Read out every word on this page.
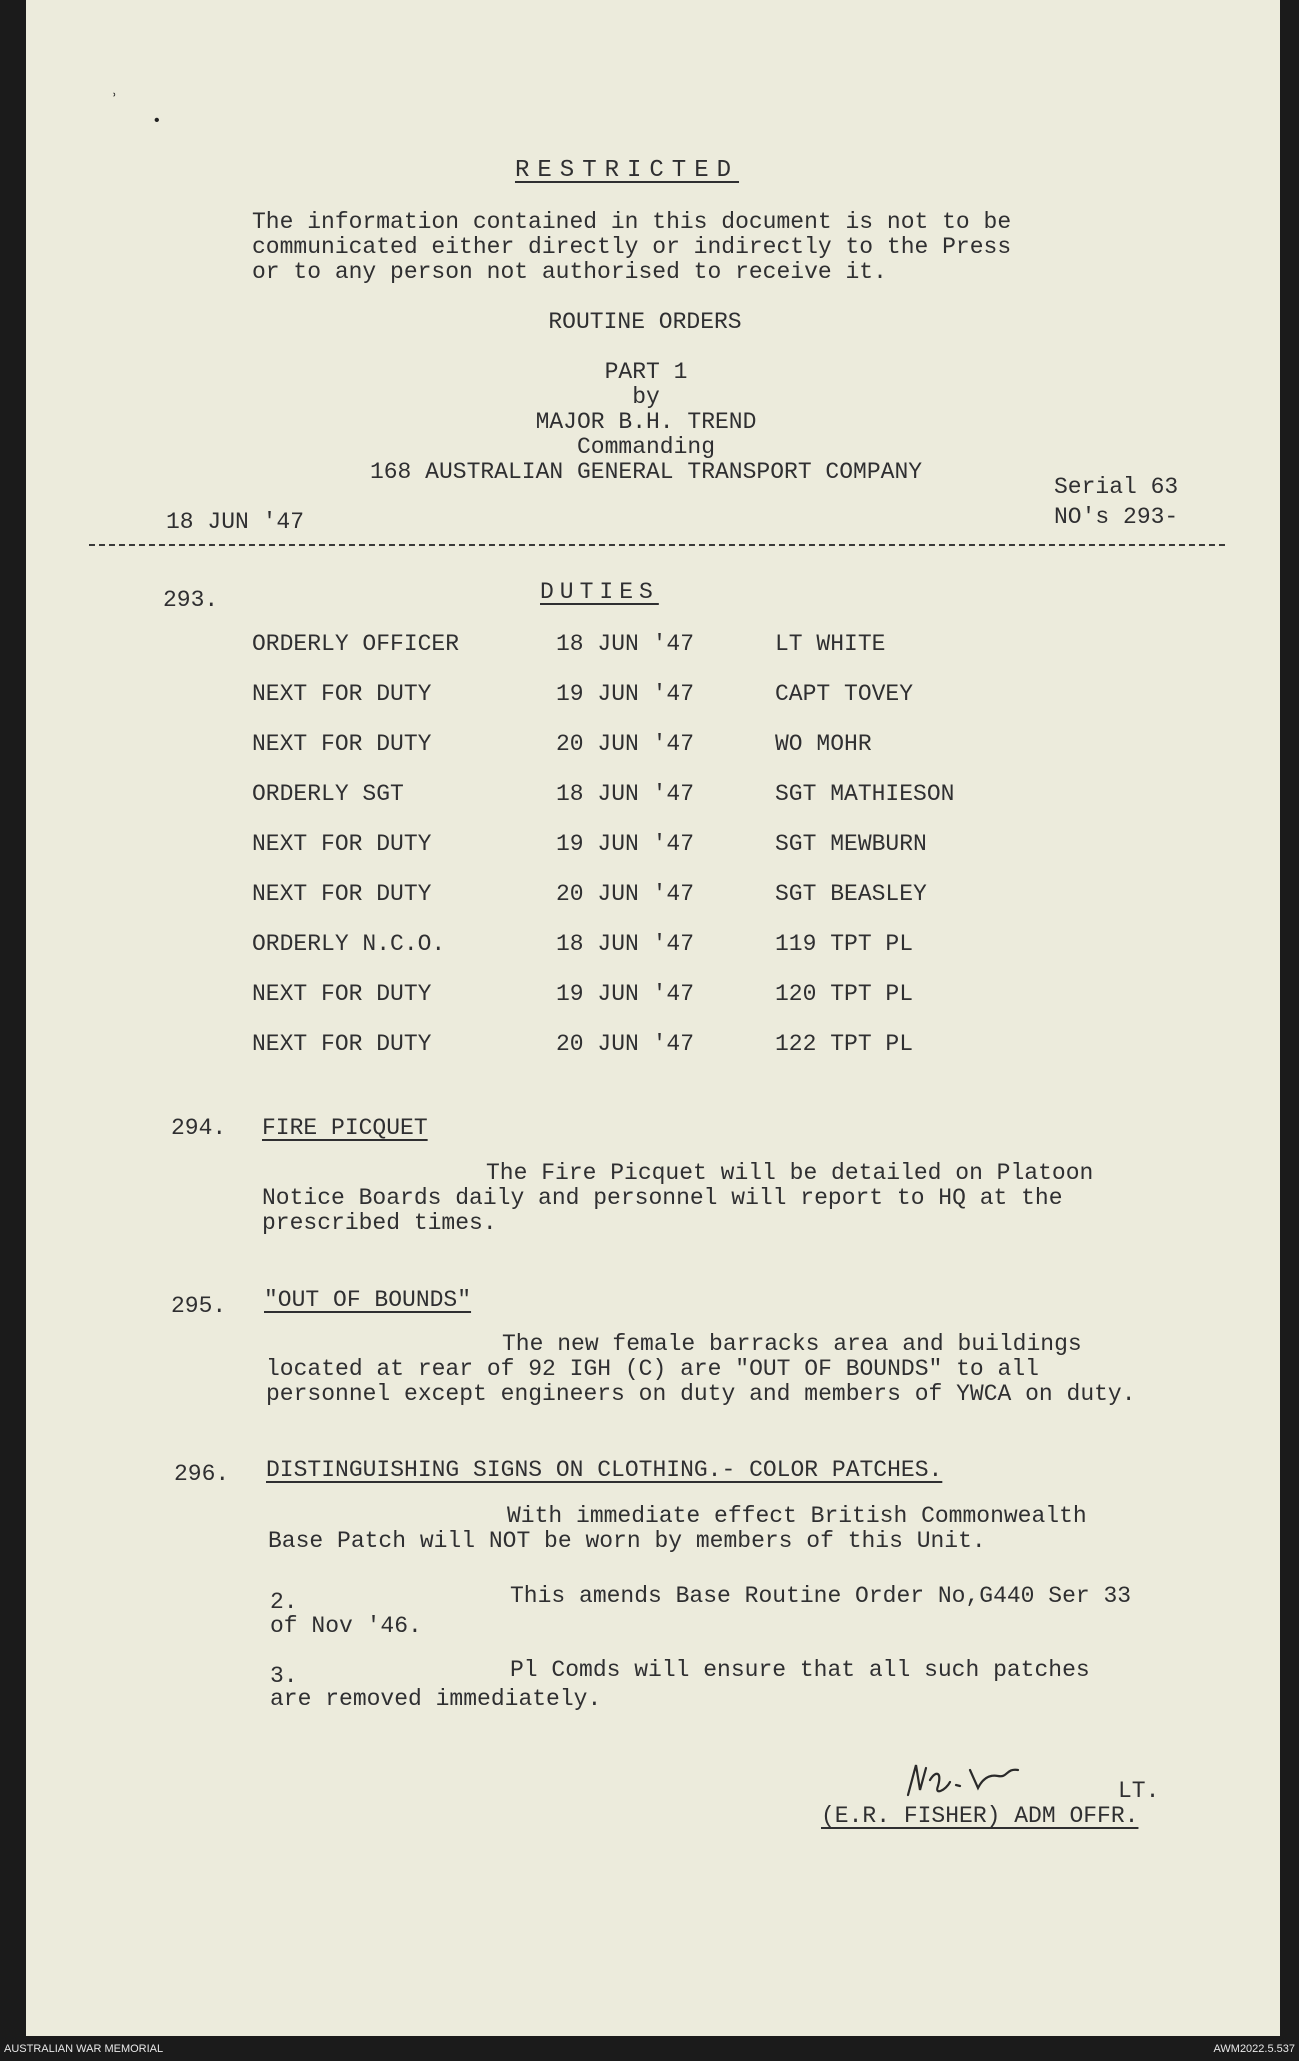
ʾ
•
RESTRICTED
The information contained in this document is not to be
communicated either directly or indirectly to the Press
or to any person not authorised to receive it.
ROUTINE ORDERS
PART 1
by
MAJOR B.H. TREND
Commanding
168 AUSTRALIAN GENERAL TRANSPORT COMPANY
18 JUN '47
Serial 63
NO's 293-
293.	DUTIES
ORDERLY OFFICER	18 JUN '47	LT WHITE
NEXT FOR DUTY	19 JUN '47	CAPT TOVEY
NEXT FOR DUTY	20 JUN '47	WO MOHR
ORDERLY SGT	18 JUN '47	SGT MATHIESON
NEXT FOR DUTY	19 JUN '47	SGT MEWBURN
NEXT FOR DUTY	20 JUN '47	SGT BEASLEY
ORDERLY N.C.O.	18 JUN '47	119 TPT PL
NEXT FOR DUTY	19 JUN '47	120 TPT PL
NEXT FOR DUTY	20 JUN '47	122 TPT PL
294. FIRE PICQUET
The Fire Picquet will be detailed on Platoon
Notice Boards daily and personnel will report to HQ at the
prescribed times.
295. "OUT OF BOUNDS"
The new female barracks area and buildings
located at rear of 92 IGH (C) are "OUT OF BOUNDS" to all
personnel except engineers on duty and members of YWCA on duty.
296. DISTINGUISHING SIGNS ON CLOTHING.- COLOR PATCHES.
With immediate effect British Commonwealth
Base Patch will NOT be worn by members of this Unit.
2.	This amends Base Routine Order No,G440 Ser 33
of Nov '46.
3.	Pl Comds will ensure that all such patches
are removed immediately.
LT.
(E.R. FISHER) ADM OFFR.
AUSTRALIAN WAR MEMORIAL	AWM2022.5.537
